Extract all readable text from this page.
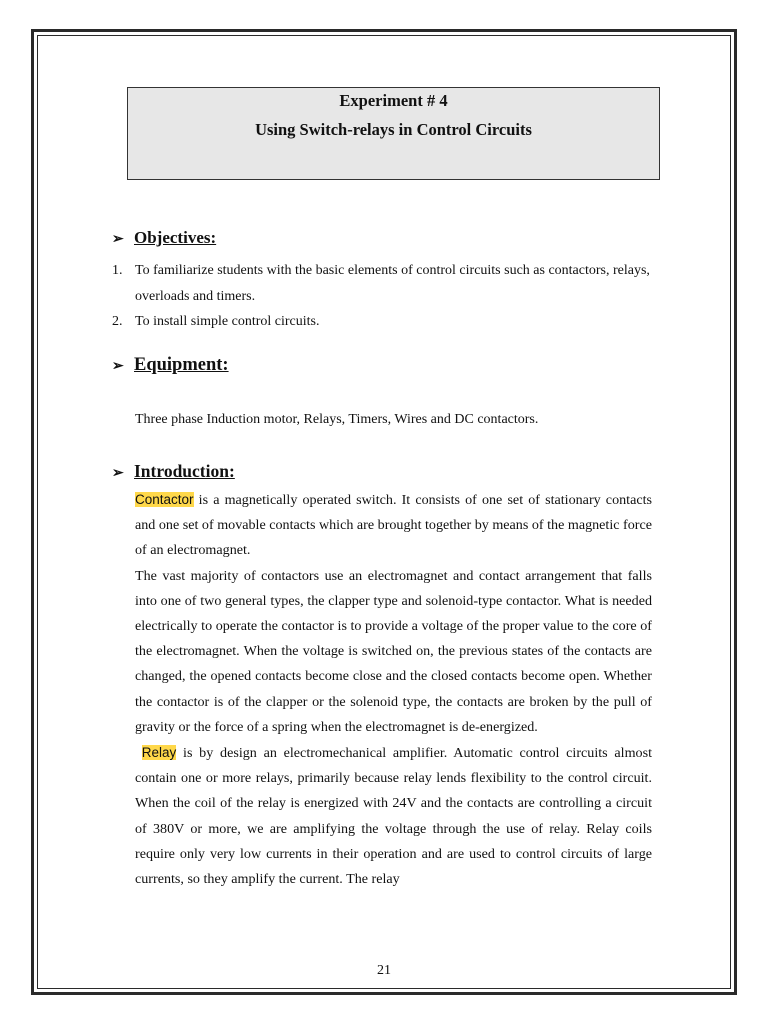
Experiment # 4
Using Switch-relays in Control Circuits
➢ Objectives:
1. To familiarize students with the basic elements of control circuits such as contactors, relays, overloads and timers.
2. To install simple control circuits.
➢ Equipment:
Three phase Induction motor, Relays, Timers, Wires and DC contactors.
➢ Introduction:

Contactor is a magnetically operated switch. It consists of one set of stationary contacts and one set of movable contacts which are brought together by means of the magnetic force of an electromagnet.

The vast majority of contactors use an electromagnet and contact arrangement that falls into one of two general types, the clapper type and solenoid-type contactor. What is needed electrically to operate the contactor is to provide a voltage of the proper value to the core of the electromagnet. When the voltage is switched on, the previous states of the contacts are changed, the opened contacts become close and the closed contacts become open. Whether the contactor is of the clapper or the solenoid type, the contacts are broken by the pull of gravity or the force of a spring when the electromagnet is de-energized.

Relay is by design an electromechanical amplifier. Automatic control circuits almost contain one or more relays, primarily because relay lends flexibility to the control circuit. When the coil of the relay is energized with 24V and the contacts are controlling a circuit of 380V or more, we are amplifying the voltage through the use of relay. Relay coils require only very low currents in their operation and are used to control circuits of large currents, so they amplify the current. The relay

21
